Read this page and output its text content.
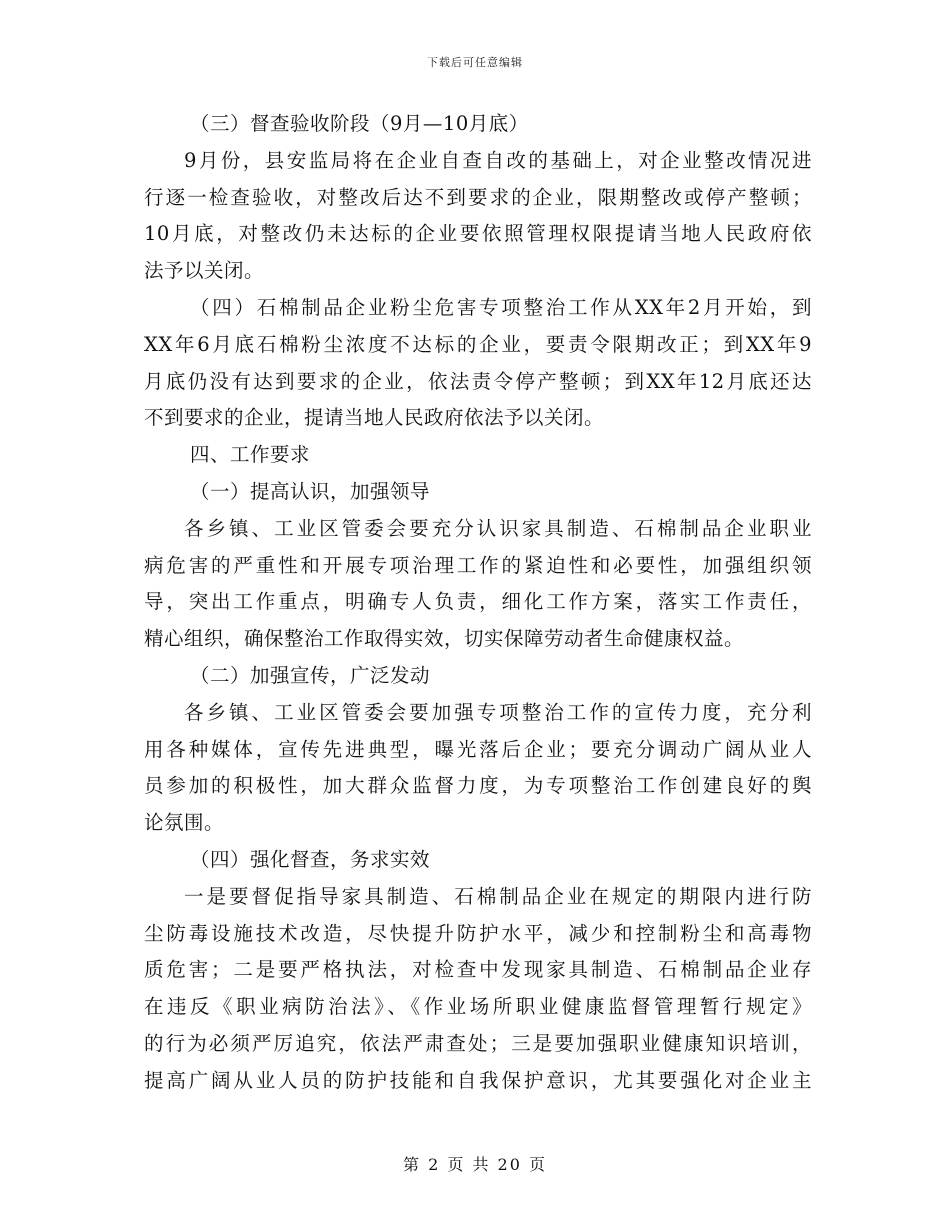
下载后可任意编辑
（三）督查验收阶段（9月—10月底）
9月份，县安监局将在企业自查自改的基础上，对企业整改情况进
行逐一检查验收，对整改后达不到要求的企业，限期整改或停产整顿；
10月底，对整改仍未达标的企业要依照管理权限提请当地人民政府依
法予以关闭。
（四）石棉制品企业粉尘危害专项整治工作从XX年2月开始，到
XX年6月底石棉粉尘浓度不达标的企业，要责令限期改正；到XX年9
月底仍没有达到要求的企业，依法责令停产整顿；到XX年12月底还达
不到要求的企业，提请当地人民政府依法予以关闭。
四、工作要求
（一）提高认识，加强领导
各乡镇、工业区管委会要充分认识家具制造、石棉制品企业职业
病危害的严重性和开展专项治理工作的紧迫性和必要性，加强组织领
导，突出工作重点，明确专人负责，细化工作方案，落实工作责任，
精心组织，确保整治工作取得实效，切实保障劳动者生命健康权益。
（二）加强宣传，广泛发动
各乡镇、工业区管委会要加强专项整治工作的宣传力度，充分利
用各种媒体，宣传先进典型，曝光落后企业；要充分调动广阔从业人
员参加的积极性，加大群众监督力度，为专项整治工作创建良好的舆
论氛围。
（四）强化督查，务求实效
一是要督促指导家具制造、石棉制品企业在规定的期限内进行防
尘防毒设施技术改造，尽快提升防护水平，减少和控制粉尘和高毒物
质危害；二是要严格执法，对检查中发现家具制造、石棉制品企业存
在违反《职业病防治法》、《作业场所职业健康监督管理暂行规定》
的行为必须严厉追究，依法严肃查处；三是要加强职业健康知识培训，
提高广阔从业人员的防护技能和自我保护意识，尤其要强化对企业主
第 2 页 共 20 页
